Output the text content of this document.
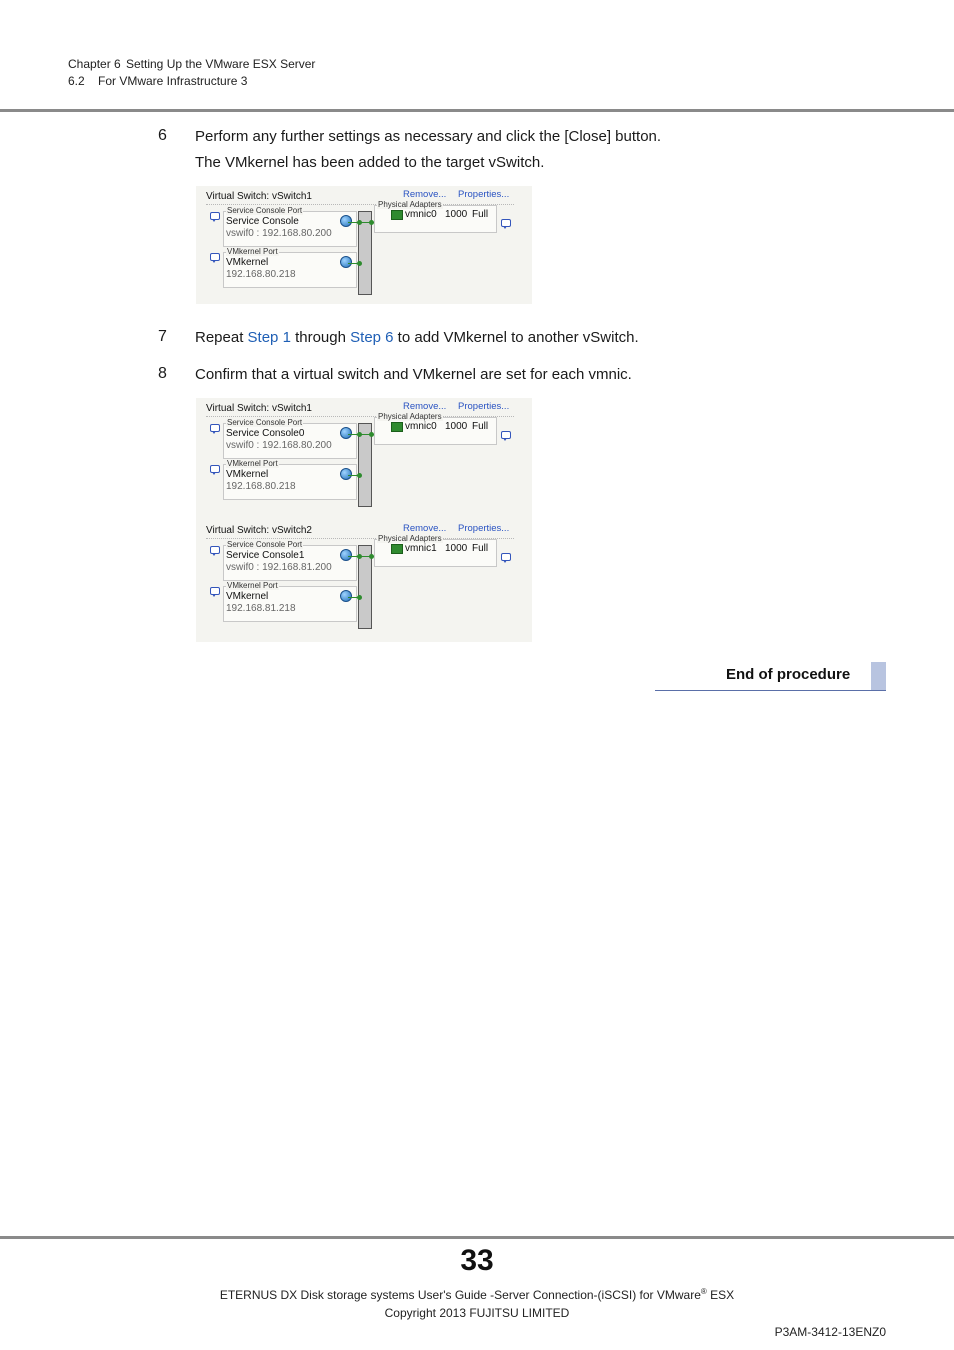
Chapter 6 Setting Up the VMware ESX Server
6.2 For VMware Infrastructure 3
6 Perform any further settings as necessary and click the [Close] button.
The VMkernel has been added to the target vSwitch.
Virtual Switch: vSwitch1	Remove... Properties...
Service Console Port
Service Console
vswif0 : 192.168.80.200
VMkernel Port
VMkernel
192.168.80.218
Physical Adapters
vmnic0 1000 Full
7 Repeat Step 1 through Step 6 to add VMkernel to another vSwitch.
8 Confirm that a virtual switch and VMkernel are set for each vmnic.
Virtual Switch: vSwitch1	Remove... Properties...
Service Console Port
Service Console0
vswif0 : 192.168.80.200
VMkernel Port
VMkernel
192.168.80.218
Physical Adapters
vmnic0 1000 Full
Virtual Switch: vSwitch2	Remove... Properties...
Service Console Port
Service Console1
vswif0 : 192.168.81.200
VMkernel Port
VMkernel
192.168.81.218
Physical Adapters
vmnic1 1000 Full
End of procedure
33
ETERNUS DX Disk storage systems User's Guide -Server Connection-(iSCSI) for VMware® ESX
Copyright 2013 FUJITSU LIMITED
P3AM-3412-13ENZ0
